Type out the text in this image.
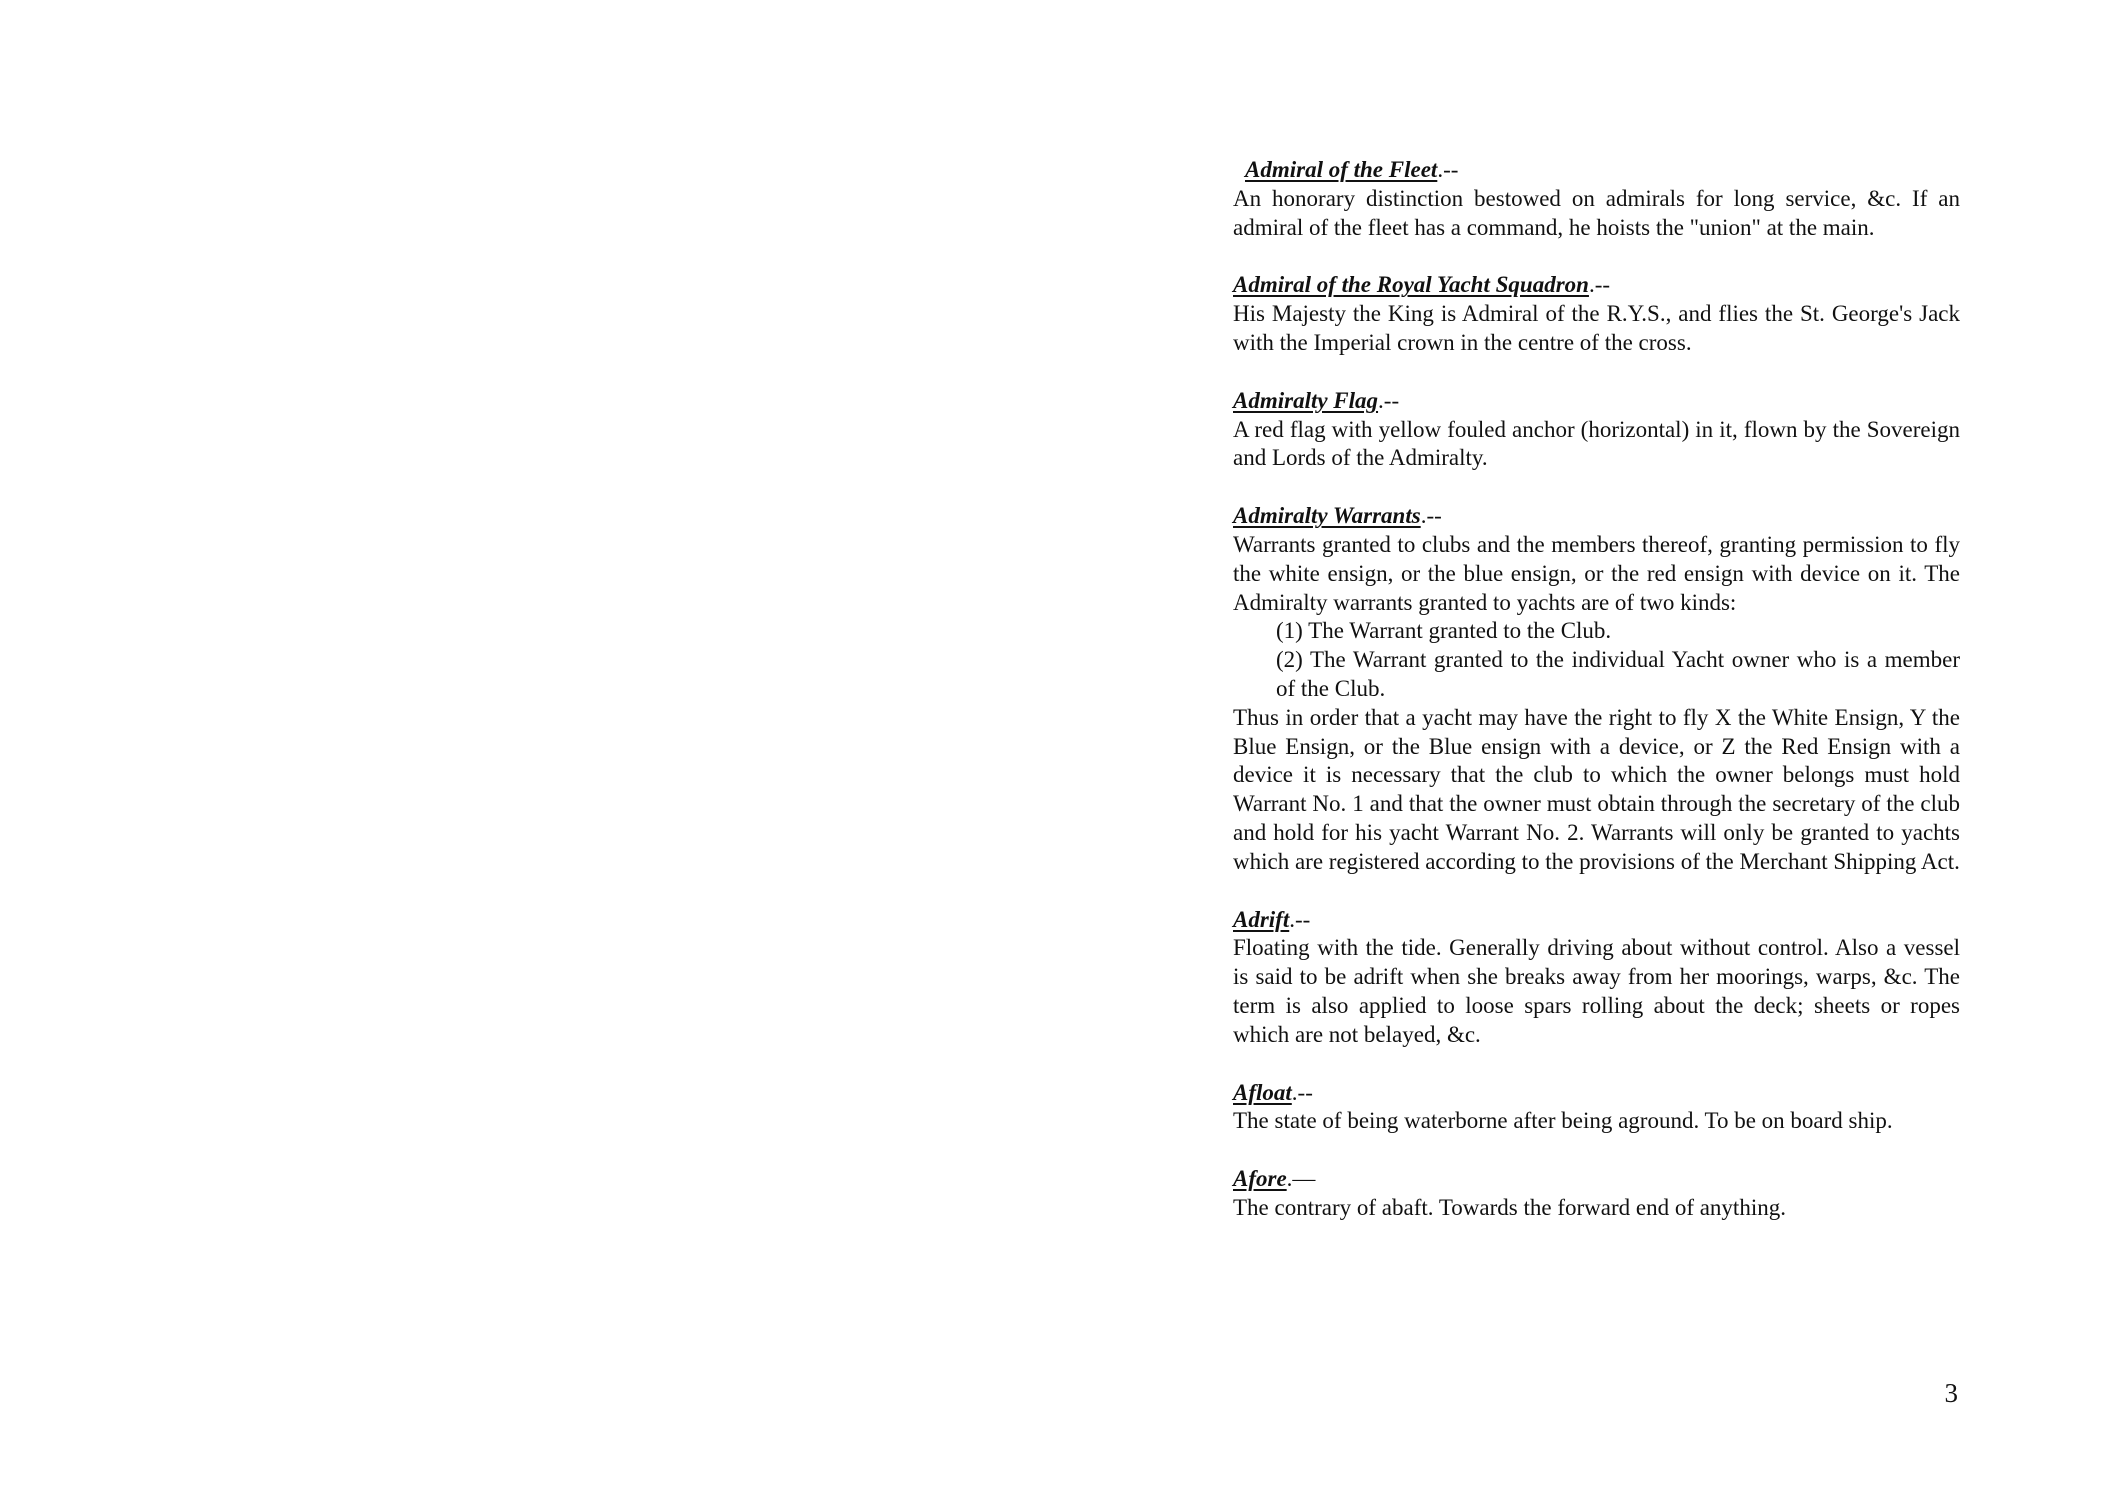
Admiral of the Fleet.--
An honorary distinction bestowed on admirals for long service, &c. If an admiral of the fleet has a command, he hoists the "union" at the main.
Admiral of the Royal Yacht Squadron.--
His Majesty the King is Admiral of the R.Y.S., and flies the St. George's Jack with the Imperial crown in the centre of the cross.
Admiralty Flag.--
A red flag with yellow fouled anchor (horizontal) in it, flown by the Sovereign and Lords of the Admiralty.
Admiralty Warrants.--
Warrants granted to clubs and the members thereof, granting permission to fly the white ensign, or the blue ensign, or the red ensign with device on it. The Admiralty warrants granted to yachts are of two kinds:
(1) The Warrant granted to the Club.
(2) The Warrant granted to the individual Yacht owner who is a member of the Club.
Thus in order that a yacht may have the right to fly X the White Ensign, Y the Blue Ensign, or the Blue ensign with a device, or Z the Red Ensign with a device it is necessary that the club to which the owner belongs must hold Warrant No. 1 and that the owner must obtain through the secretary of the club and hold for his yacht Warrant No. 2. Warrants will only be granted to yachts which are registered according to the provisions of the Merchant Shipping Act.
Adrift.--
Floating with the tide. Generally driving about without control. Also a vessel is said to be adrift when she breaks away from her moorings, warps, &c. The term is also applied to loose spars rolling about the deck; sheets or ropes which are not belayed, &c.
Afloat.--
The state of being waterborne after being aground. To be on board ship.
Afore.—
The contrary of abaft. Towards the forward end of anything.
3
